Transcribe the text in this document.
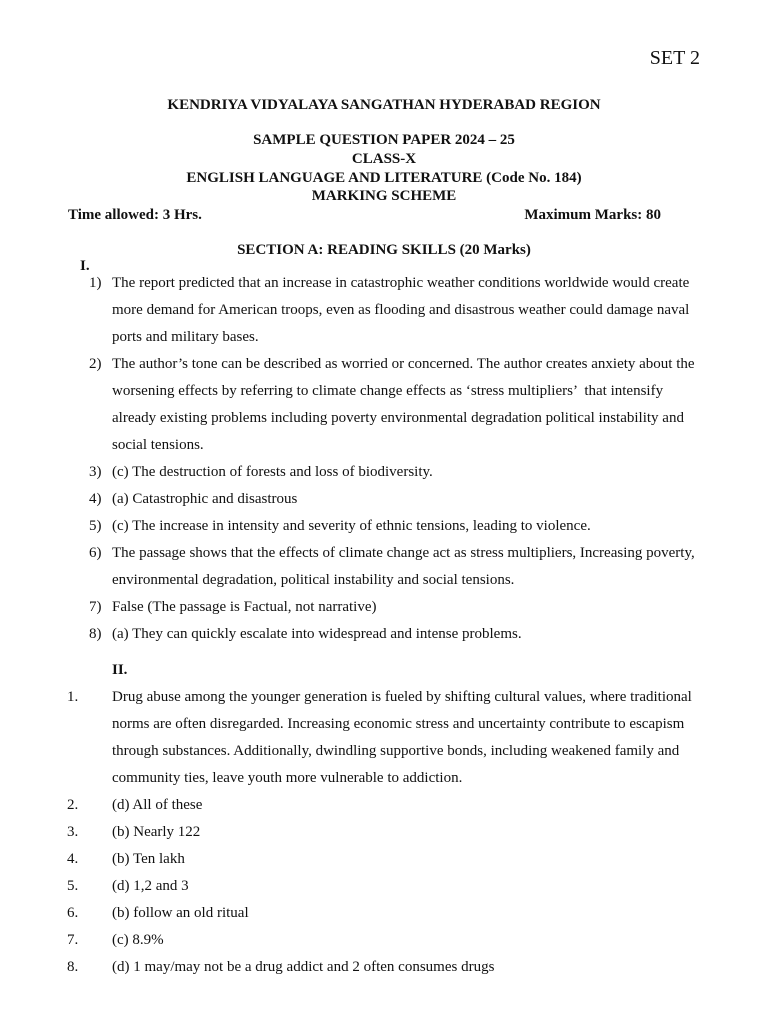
SET 2
KENDRIYA VIDYALAYA SANGATHAN HYDERABAD REGION
SAMPLE QUESTION PAPER 2024 – 25
CLASS-X
ENGLISH LANGUAGE AND LITERATURE (Code No. 184)
MARKING SCHEME
Time allowed: 3 Hrs.	Maximum Marks: 80
SECTION A: READING SKILLS (20 Marks)
I.
1) The report predicted that an increase in catastrophic weather conditions worldwide would create
more demand for American troops, even as flooding and disastrous weather could damage naval
ports and military bases.
2) The author’s tone can be described as worried or concerned. The author creates anxiety about the
worsening effects by referring to climate change effects as ‘stress multipliers’  that intensify
already existing problems including poverty environmental degradation political instability and
social tensions.
3) (c) The destruction of forests and loss of biodiversity.
4) (a) Catastrophic and disastrous
5) (c) The increase in intensity and severity of ethnic tensions, leading to violence.
6) The passage shows that the effects of climate change act as stress multipliers, Increasing poverty,
environmental degradation, political instability and social tensions.
7) False (The passage is Factual, not narrative)
8) (a) They can quickly escalate into widespread and intense problems.
II.
1. Drug abuse among the younger generation is fueled by shifting cultural values, where traditional
norms are often disregarded. Increasing economic stress and uncertainty contribute to escapism
through substances. Additionally, dwindling supportive bonds, including weakened family and
community ties, leave youth more vulnerable to addiction.
2. (d) All of these
3. (b) Nearly 122
4. (b) Ten lakh
5. (d) 1,2 and 3
6. (b) follow an old ritual
7. (c) 8.9%
8. (d) 1 may/may not be a drug addict and 2 often consumes drugs
